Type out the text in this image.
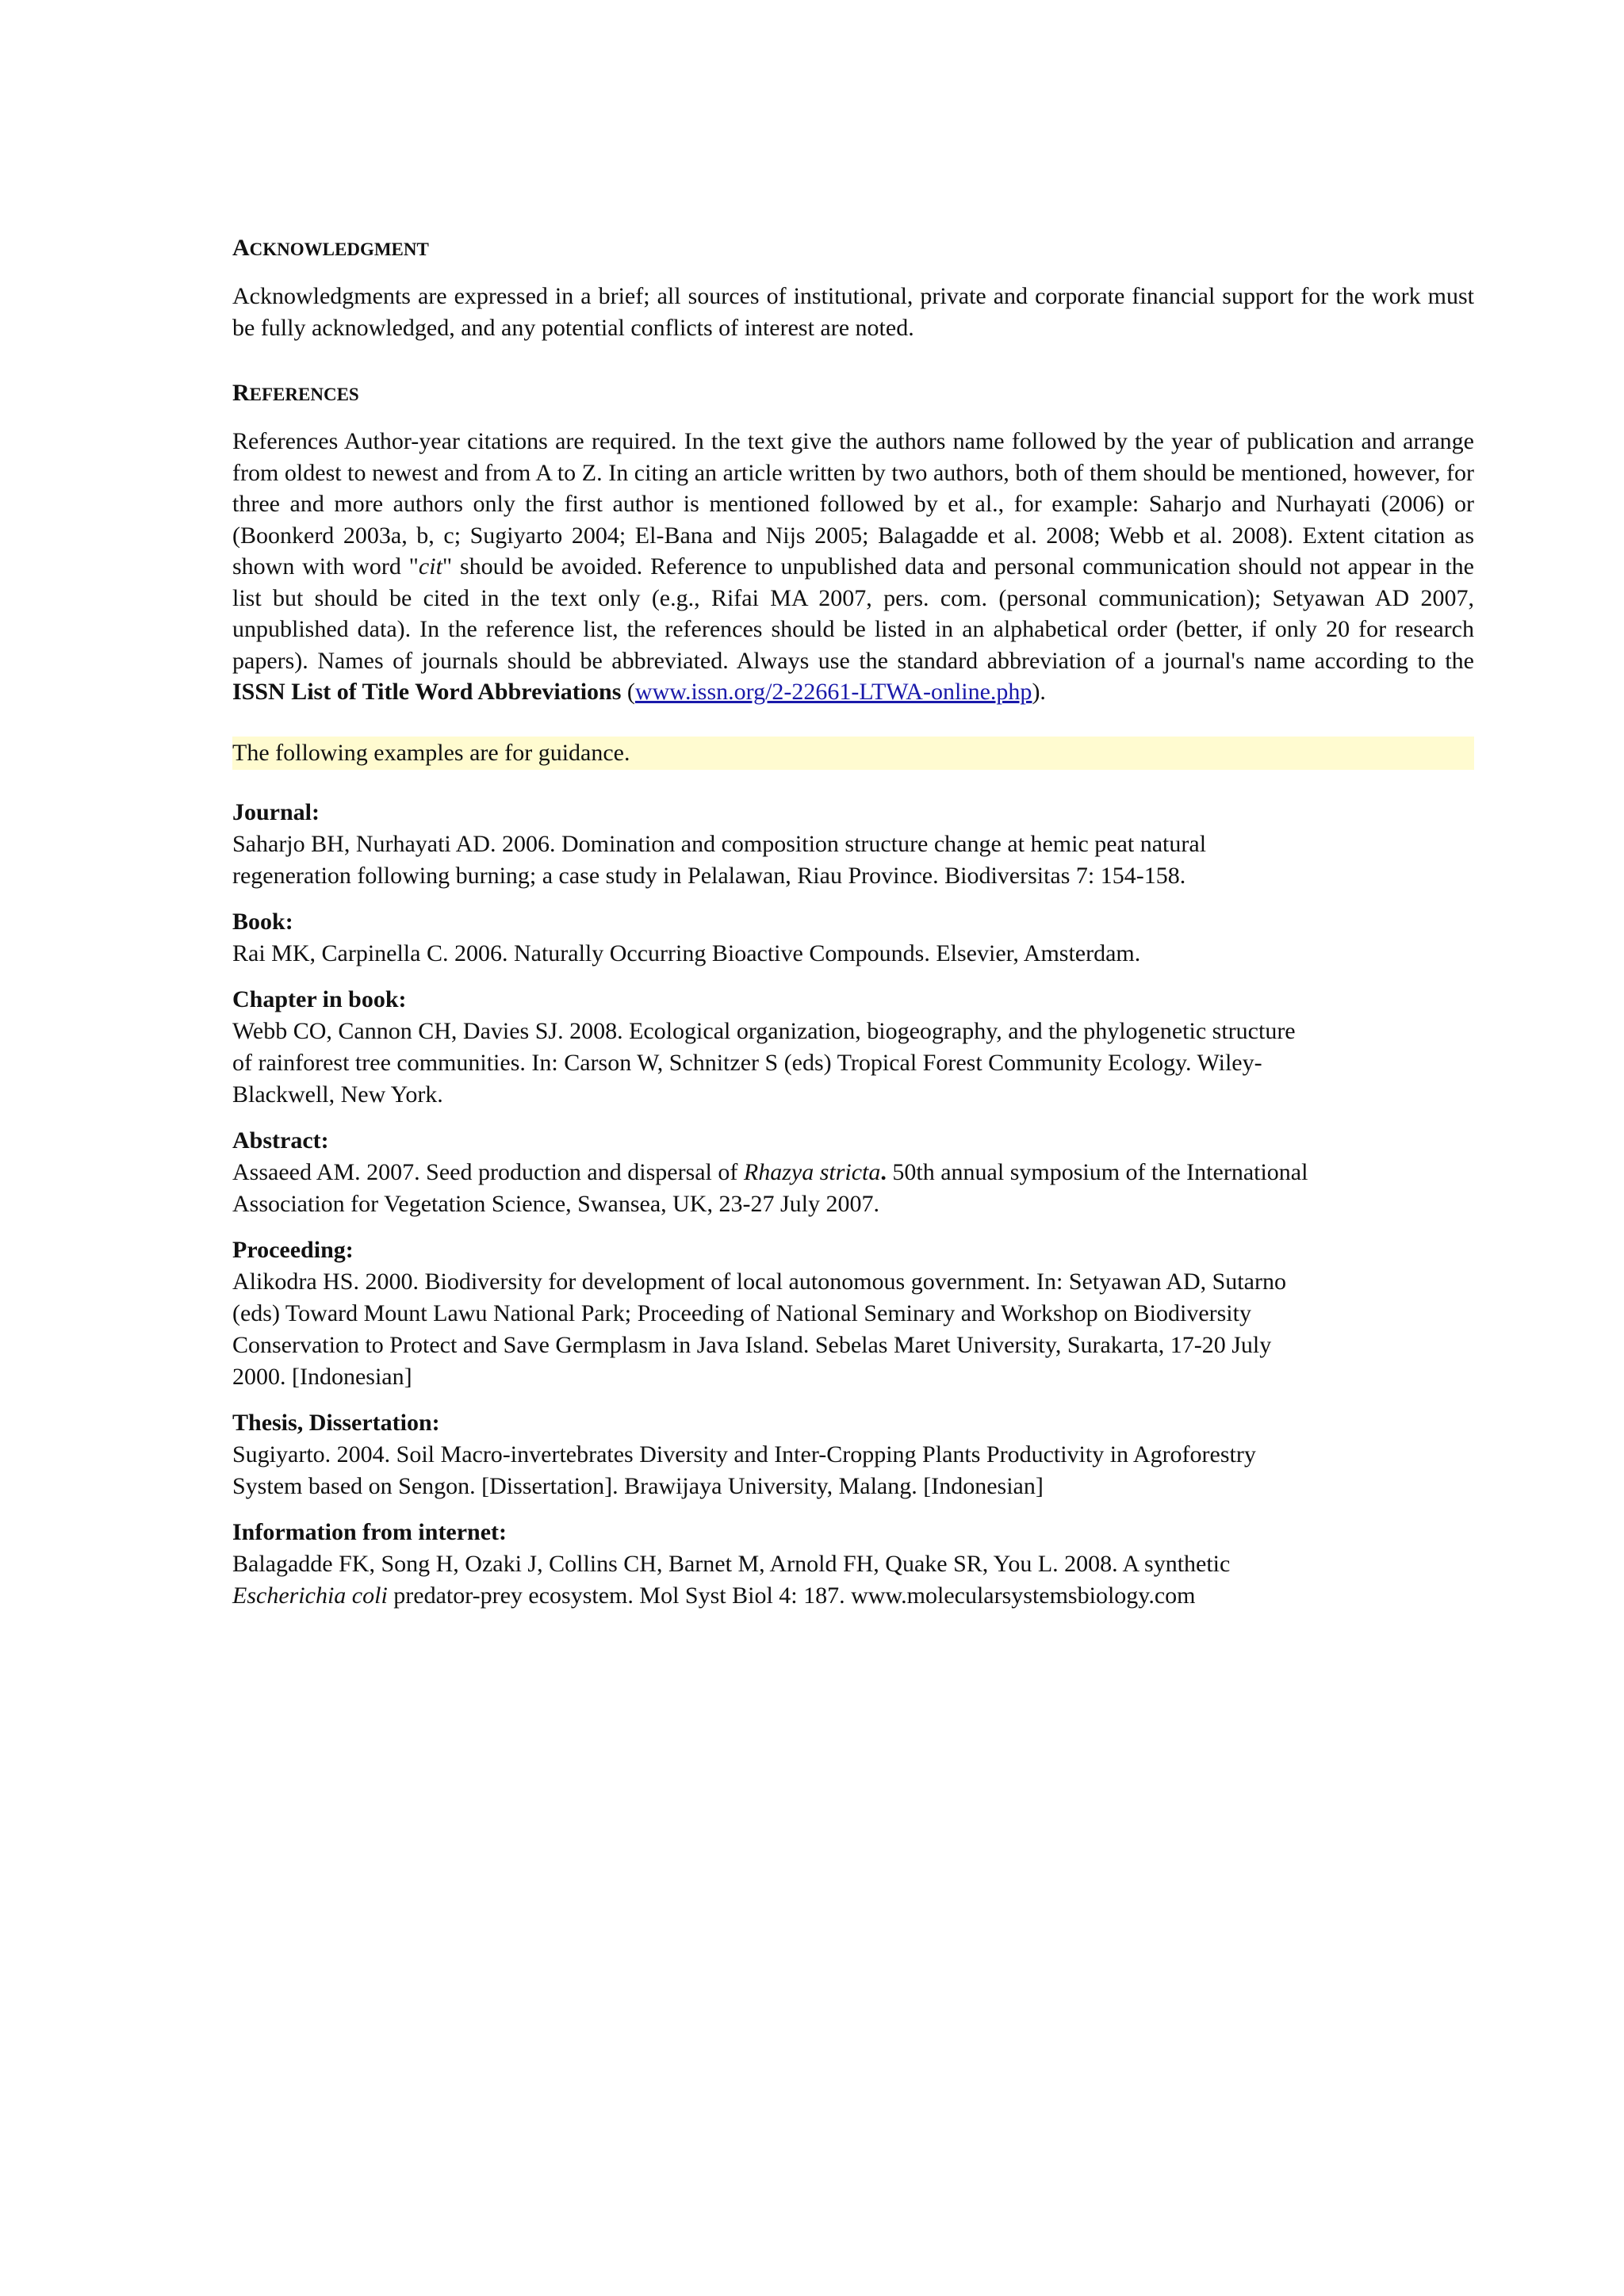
ACKNOWLEDGMENT

Acknowledgments are expressed in a brief; all sources of institutional, private and corporate financial support for the work must be fully acknowledged, and any potential conflicts of interest are noted.

REFERENCES

References Author-year citations are required. In the text give the authors name followed by the year of publication and arrange from oldest to newest and from A to Z. In citing an article written by two authors, both of them should be mentioned, however, for three and more authors only the first author is mentioned followed by et al., for example: Saharjo and Nurhayati (2006) or (Boonkerd 2003a, b, c; Sugiyarto 2004; El-Bana and Nijs 2005; Balagadde et al. 2008; Webb et al. 2008). Extent citation as shown with word "cit" should be avoided. Reference to unpublished data and personal communication should not appear in the list but should be cited in the text only (e.g., Rifai MA 2007, pers. com. (personal communication); Setyawan AD 2007, unpublished data). In the reference list, the references should be listed in an alphabetical order (better, if only 20 for research papers). Names of journals should be abbreviated. Always use the standard abbreviation of a journal's name according to the ISSN List of Title Word Abbreviations (www.issn.org/2-22661-LTWA-online.php).

The following examples are for guidance.
Journal:
Saharjo BH, Nurhayati AD. 2006. Domination and composition structure change at hemic peat natural
regeneration following burning; a case study in Pelalawan, Riau Province. Biodiversitas 7: 154-158.
Book:
Rai MK, Carpinella C. 2006. Naturally Occurring Bioactive Compounds. Elsevier, Amsterdam.
Chapter in book:
Webb CO, Cannon CH, Davies SJ. 2008. Ecological organization, biogeography, and the phylogenetic structure
of rainforest tree communities. In: Carson W, Schnitzer S (eds) Tropical Forest Community Ecology. Wiley-
Blackwell, New York.
Abstract:
Assaeed AM. 2007. Seed production and dispersal of Rhazya stricta. 50th annual symposium of the International
Association for Vegetation Science, Swansea, UK, 23-27 July 2007.
Proceeding:
Alikodra HS. 2000. Biodiversity for development of local autonomous government. In: Setyawan AD, Sutarno
(eds) Toward Mount Lawu National Park; Proceeding of National Seminary and Workshop on Biodiversity
Conservation to Protect and Save Germplasm in Java Island. Sebelas Maret University, Surakarta, 17-20 July
2000. [Indonesian]
Thesis, Dissertation:
Sugiyarto. 2004. Soil Macro-invertebrates Diversity and Inter-Cropping Plants Productivity in Agroforestry
System based on Sengon. [Dissertation]. Brawijaya University, Malang. [Indonesian]
Information from internet:
Balagadde FK, Song H, Ozaki J, Collins CH, Barnet M, Arnold FH, Quake SR, You L. 2008. A synthetic
Escherichia coli predator-prey ecosystem. Mol Syst Biol 4: 187. www.molecularsystemsbiology.com
